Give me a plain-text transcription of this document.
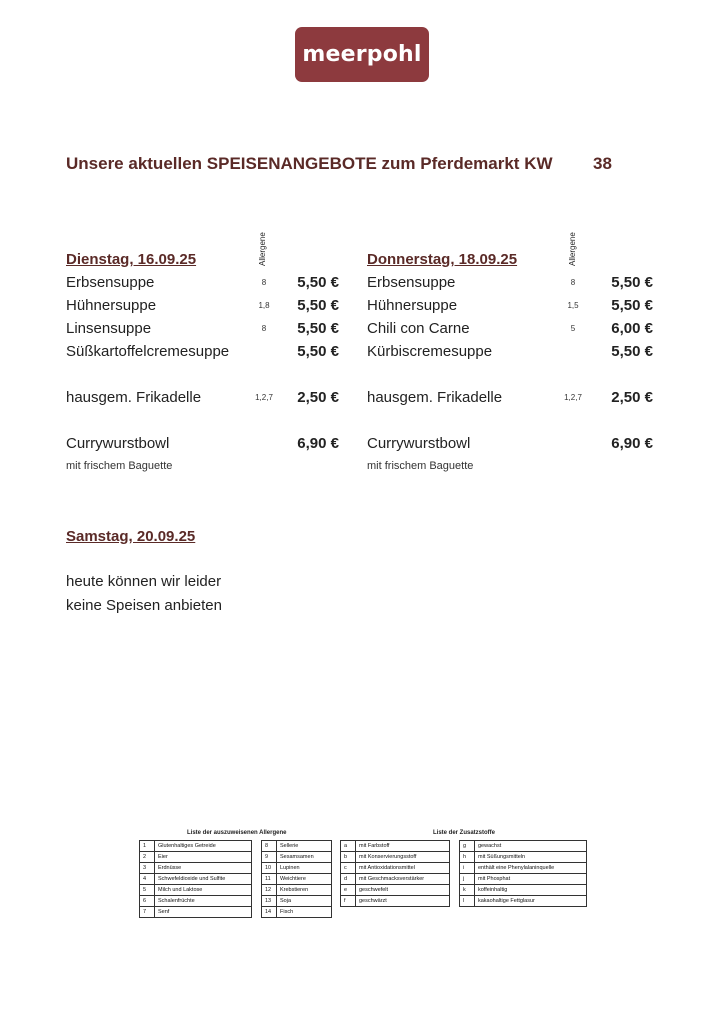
meerpohl
Unsere aktuellen SPEISENANGEBOTE zum Pferdemarkt KW 38
Allergene
Dienstag, 16.09.25
Erbsensuppe	8	5,50 €
Hühnersuppe	1,8	5,50 €
Linsensuppe	8	5,50 €
Süßkartoffelcremesuppe	5,50 €
hausgem. Frikadelle	1,2,7	2,50 €
Currywurstbowl	6,90 €
mit frischem Baguette
Allergene
Donnerstag, 18.09.25
Erbsensuppe	8	5,50 €
Hühnersuppe	1,5	5,50 €
Chili con Carne	5	6,00 €
Kürbiscremesuppe	5,50 €
hausgem. Frikadelle	1,2,7	2,50 €
Currywurstbowl	6,90 €
mit frischem Baguette
Samstag, 20.09.25
heute können wir leider
keine Speisen anbieten
Liste der auszuweisenen Allergene	Liste der Zusatzstoffe
1	Glutenhaltiges Getreide
2	Eier
3	Erdnüsse
4	Schwefeldioxide und Sulfite
5	Milch und Laktose
6	Schalenfrüchte
7	Senf
8	Sellerie
9	Sesamsamen
10	Lupinen
11	Weichtiere
12	Krebstieren
13	Soja
14	Fisch
a	mit Farbstoff
b	mit Konservierungsstoff
c	mit Antioxidationsmittel
d	mit Geschmacksverstärker
e	geschwefelt
f	geschwärzt
g	gewachst
h	mit Süßungsmitteln
i	enthält eine Phenylalaninquelle
j	mit Phosphat
k	koffeinhaltig
l	kakaohaltige Fettglasur
